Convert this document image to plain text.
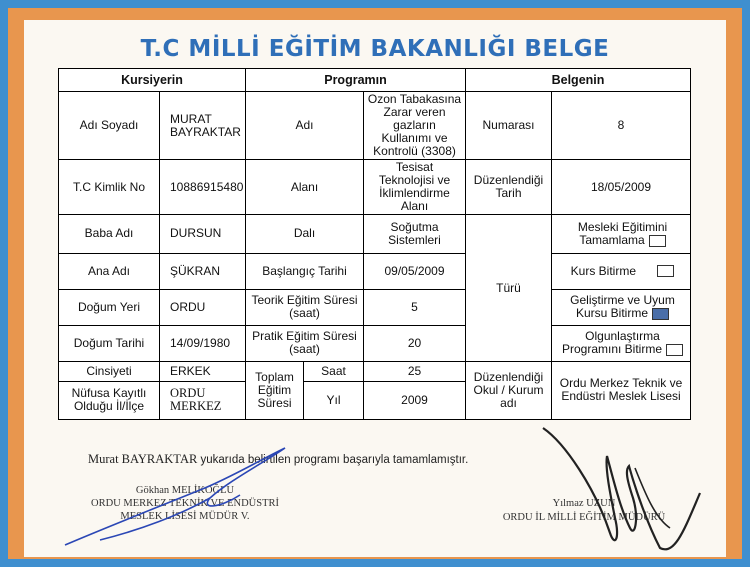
T.C MİLLİ EĞİTİM BAKANLIĞI BELGE
Kursiyerin		Programın			Belgenin	
Adı Soyadı	MURAT BAYRAKTAR	Adı		Ozon Tabakasına Zarar veren gazların Kullanımı ve Kontrolü (3308)	Numarası	8
T.C Kimlik No	10886915480	Alanı		Tesisat Teknolojisi ve İklimlendirme Alanı	Düzenlendiği Tarih	18/05/2009
Baba Adı	DURSUN	Dalı		Soğutma Sistemleri	Türü	Mesleki Eğitimini Tamamlama
Ana Adı	ŞÜKRAN	Başlangıç Tarihi		09/05/2009		Kurs Bitirme
Doğum Yeri	ORDU	Teorik Eğitim Süresi (saat)		5		Geliştirme ve Uyum Kursu Bitirme
Doğum Tarihi	14/09/1980	Pratik Eğitim Süresi (saat)		20		Olgunlaştırma Programını Bitirme
Cinsiyeti	ERKEK	Toplam Eğitim Süresi	Saat	25	Düzenlendiği Okul / Kurum adı	Ordu Merkez Teknik ve Endüstri Meslek Lisesi
Nüfusa Kayıtlı Olduğu İl/İlçe	ORDU MERKEZ		Yıl	2009		
Murat BAYRAKTAR yukarıda belirtilen programı başarıyla tamamlamıştır.
Gökhan MELİKOĞLU
ORDU MERKEZ TEKNİK VE ENDÜSTRİ
MESLEK LİSESİ MÜDÜR V.
Yılmaz UZUN
ORDU İL MİLLİ EĞİTİM MÜDÜRÜ
